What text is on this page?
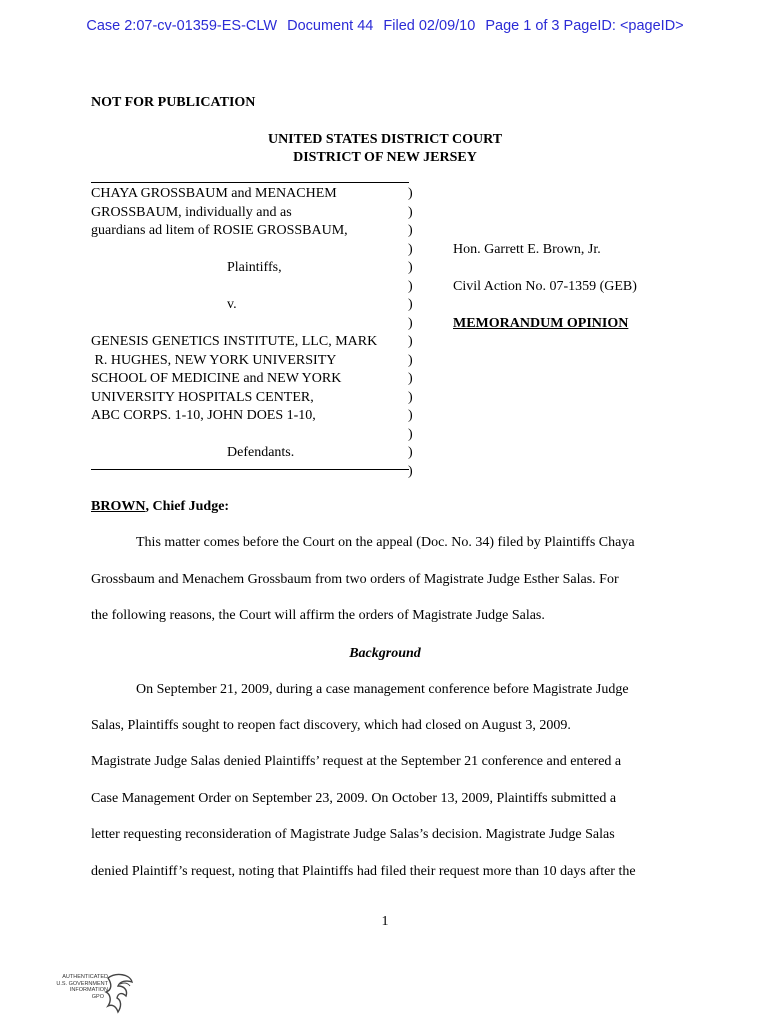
Case 2:07-cv-01359-ES-CLW Document 44 Filed 02/09/10 Page 1 of 3 PageID: <pageID>
NOT FOR PUBLICATION
UNITED STATES DISTRICT COURT
DISTRICT OF NEW JERSEY
CHAYA GROSSBAUM and MENACHEM
GROSSBAUM, individually and as
guardians ad litem of ROSIE GROSSBAUM,
Plaintiffs,
v.
GENESIS GENETICS INSTITUTE, LLC, MARK
R. HUGHES, NEW YORK UNIVERSITY
SCHOOL OF MEDICINE and NEW YORK
UNIVERSITY HOSPITALS CENTER,
ABC CORPS. 1-10, JOHN DOES 1-10,
Defendants.
)
)
)
)
)
)
)
)
)
)
)
)
)
)
)
)
Hon. Garrett E. Brown, Jr.
Civil Action No. 07-1359 (GEB)
MEMORANDUM OPINION
BROWN, Chief Judge:
This matter comes before the Court on the appeal (Doc. No. 34) filed by Plaintiffs Chaya
Grossbaum and Menachem Grossbaum from two orders of Magistrate Judge Esther Salas. For
the following reasons, the Court will affirm the orders of Magistrate Judge Salas.
Background
On September 21, 2009, during a case management conference before Magistrate Judge
Salas, Plaintiffs sought to reopen fact discovery, which had closed on August 3, 2009.
Magistrate Judge Salas denied Plaintiffs’ request at the September 21 conference and entered a
Case Management Order on September 23, 2009. On October 13, 2009, Plaintiffs submitted a
letter requesting reconsideration of Magistrate Judge Salas’s decision. Magistrate Judge Salas
denied Plaintiff’s request, noting that Plaintiffs had filed their request more than 10 days after the
1
AUTHENTICATED
U.S. GOVERNMENT
INFORMATION
GPO
